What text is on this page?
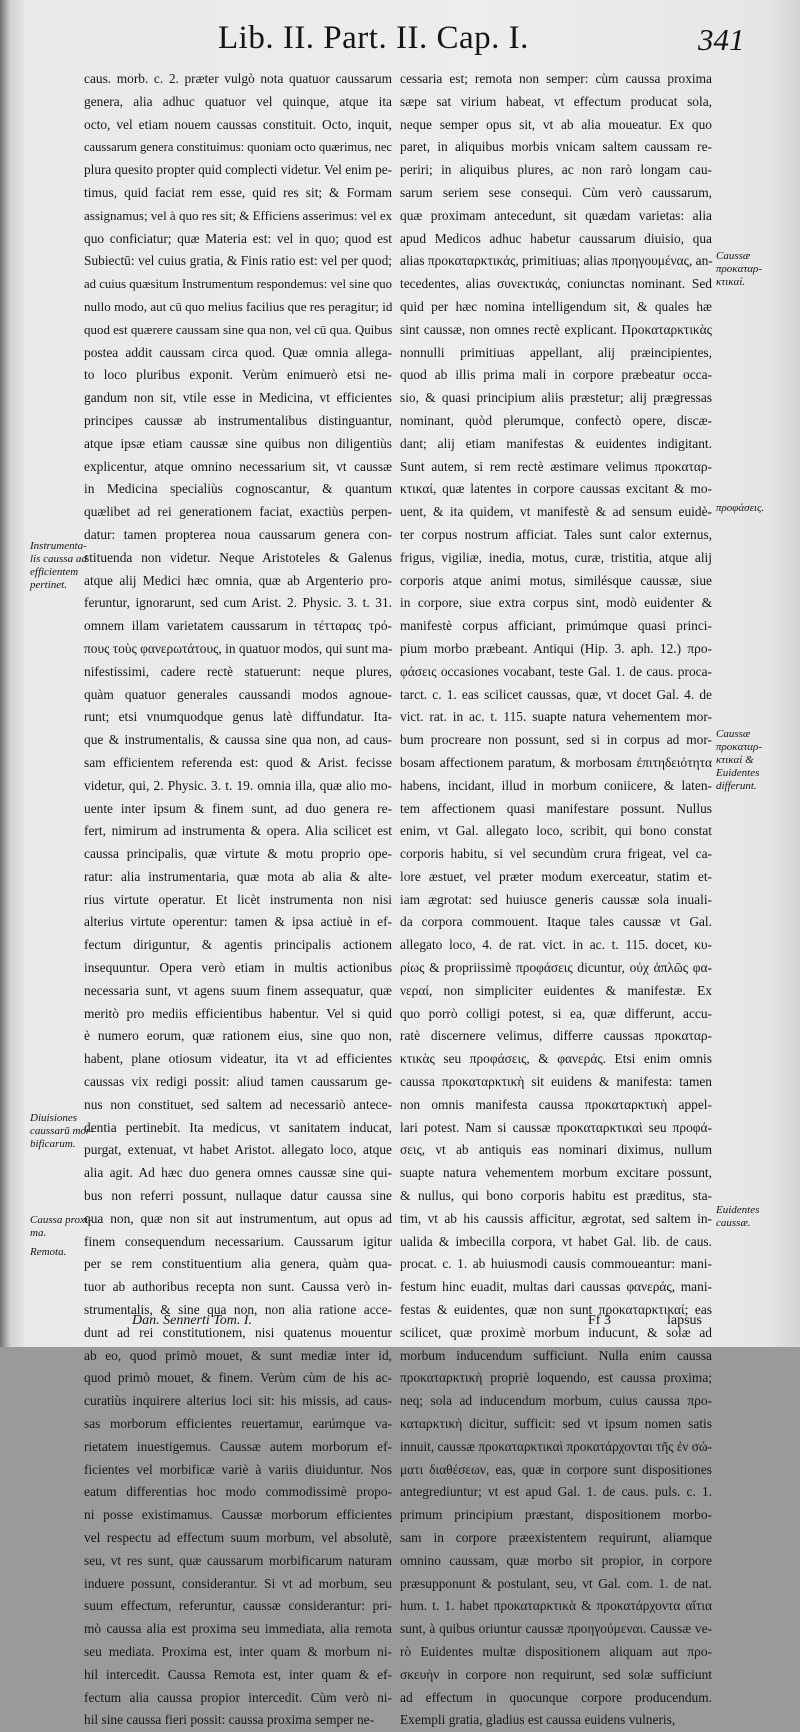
Lib. II. Part. II. Cap. I.	341
caus. morb. c. 2. præter vulgò nota quatuor caussarum
genera, alia adhuc quatuor vel quinque, atque ita
octo, vel etiam nouem caussas constituit. Octo, inquit,
caussarum genera constituimus: quoniam octo quærimus, nec
plura quesito propter quid complecti videtur. Vel enim pe-
timus, quid faciat rem esse, quid res sit; & Formam
assignamus; vel à quo res sit; & Efficiens asserimus: vel ex
quo conficiatur; quæ Materia est: vel in quo; quod est
Subiectū: vel cuius gratia, & Finis ratio est: vel per quod;
ad cuius quæsitum Instrumentum respondemus: vel sine quo
nullo modo, aut cū quo melius facilius que res peragitur; id
quod est quærere caussam sine qua non, vel cū qua. Quibus
postea addit caussam circa quod. Quæ omnia allega-
to loco pluribus exponit. Verùm enimuerò etsi ne-
gandum non sit, vtile esse in Medicina, vt efficientes
principes caussæ ab instrumentalibus distinguantur,
atque ipsæ etiam caussæ sine quibus non diligentiùs
explicentur, atque omnino necessarium sit, vt caussæ
in Medicina specialiùs cognoscantur, & quantum
quælibet ad rei generationem faciat, exactiùs perpen-
datur: tamen propterea noua caussarum genera con-
stituenda non videtur. Neque Aristoteles & Galenus
atque alij Medici hæc omnia, quæ ab Argenterio pro-
feruntur, ignorarunt, sed cum Arist. 2. Physic. 3. t. 31.
omnem illam varietatem caussarum in τέτταρας τρό-
πους τοὺς φανερωτάτους, in quatuor modos, qui sunt ma-
nifestissimi, cadere rectè statuerunt: neque plures,
quàm quatuor generales caussandi modos agnoue-
runt; etsi vnumquodque genus latè diffundatur. Ita-
que & instrumentalis, & caussa sine qua non, ad caus-
sam efficientem referenda est: quod & Arist. fecisse
videtur, qui, 2. Physic. 3. t. 19. omnia illa, quæ alio mo-
uente inter ipsum & finem sunt, ad duo genera re-
fert, nimirum ad instrumenta & opera. Alia scilicet est
caussa principalis, quæ virtute & motu proprio ope-
ratur: alia instrumentaria, quæ mota ab alia & alte-
rius virtute operatur. Et licèt instrumenta non nisi
alterius virtute operentur: tamen & ipsa actiuè in ef-
fectum diriguntur, & agentis principalis actionem
insequuntur. Opera verò etiam in multis actionibus
necessaria sunt, vt agens suum finem assequatur, quæ
meritò pro mediis efficientibus habentur. Vel si quid
è numero eorum, quæ rationem eius, sine quo non,
habent, plane otiosum videatur, ita vt ad efficientes
caussas vix redigi possit: aliud tamen caussarum ge-
nus non constituet, sed saltem ad necessariò antece-
dentia pertinebit. Ita medicus, vt sanitatem inducat,
purgat, extenuat, vt habet Aristot. allegato loco, atque
alia agit. Ad hæc duo genera omnes caussæ sine qui-
bus non referri possunt, nullaque datur caussa sine
qua non, quæ non sit aut instrumentum, aut opus ad
finem consequendum necessarium. Caussarum igitur
per se rem constituentium alia genera, quàm qua-
tuor ab authoribus recepta non sunt. Caussa verò in-
strumentalis, & sine qua non, non alia ratione acce-
dunt ad rei constitutionem, nisi quatenus mouentur
ab eo, quod primò mouet, & sunt mediæ inter id,
quod primò mouet, & finem. Verùm cùm de his ac-
curatiùs inquirere alterius loci sit: his missis, ad caus-
sas morborum efficientes reuertamur, earúmque va-
rietatem inuestigemus. Caussæ autem morborum ef-
ficientes vel morbificæ variè à variis diuiduntur. Nos
eatum differentias hoc modo commodissimè propo-
ni posse existimamus. Caussæ morborum efficientes
vel respectu ad effectum suum morbum, vel absolutè,
seu, vt res sunt, quæ caussarum morbificarum naturam
induere possunt, considerantur. Si vt ad morbum, seu
suum effectum, referuntur, caussæ considerantur: pri-
mò caussa alia est proxima seu immediata, alia remota
seu mediata. Proxima est, inter quam & morbum ni-
hil intercedit. Caussa Remota est, inter quam & ef-
fectum alia caussa propior intercedit. Cùm verò ni-
hil sine caussa fieri possit: caussa proxima semper ne-
cessaria est; remota non semper: cùm caussa proxima
sæpe sat virium habeat, vt effectum producat sola,
neque semper opus sit, vt ab alia moueatur. Ex quo
paret, in aliquibus morbis vnicam saltem caussam re-
periri; in aliquibus plures, ac non rarò longam cau-
sarum seriem sese consequi. Cùm verò caussarum,
quæ proximam antecedunt, sit quædam varietas: alia
apud Medicos adhuc habetur caussarum diuisio, qua
alias προκαταρκτικάς, primitiuas; alias προηγουμένας, an-
tecedentes, alias συνεκτικάς, coniunctas nominant. Sed
quid per hæc nomina intelligendum sit, & quales hæ
sint caussæ, non omnes rectè explicant. Προκαταρκτικὰς
nonnulli primitiuas appellant, alij præincipientes,
quod ab illis prima mali in corpore præbeatur occa-
sio, & quasi principium aliis præstetur; alij prægressas
nominant, quòd plerumque, confectò opere, discæ-
dant; alij etiam manifestas & euidentes indigitant.
Sunt autem, si rem rectè æstimare velimus προκαταρ-
κτικαί, quæ latentes in corpore caussas excitant & mo-
uent, & ita quidem, vt manifestè & ad sensum euidè-
ter corpus nostrum afficiat. Tales sunt calor externus,
frigus, vigiliæ, inedia, motus, curæ, tristitia, atque alij
corporis atque animi motus, similésque caussæ, siue
in corpore, siue extra corpus sint, modò euidenter &
manifestè corpus afficiant, primúmque quasi princi-
pium morbo præbeant. Antiqui (Hip. 3. aph. 12.) προ-
φάσεις occasiones vocabant, teste Gal. 1. de caus. proca-
tarct. c. 1. eas scilicet caussas, quæ, vt docet Gal. 4. de
vict. rat. in ac. t. 115. suapte natura vehementem mor-
bum procreare non possunt, sed si in corpus ad mor-
bosam affectionem paratum, & morbosam ἐπιτηδειότητα
habens, incidant, illud in morbum coniicere, & laten-
tem affectionem quasi manifestare possunt. Nullus
enim, vt Gal. allegato loco, scribit, qui bono constat
corporis habitu, si vel secundùm crura frigeat, vel ca-
lore æstuet, vel præter modum exerceatur, statim et-
iam ægrotat: sed huiusce generis caussæ sola inuali-
da corpora commouent. Itaque tales caussæ vt Gal.
allegato loco, 4. de rat. vict. in ac. t. 115. docet, κυ-
ρίως & propriissimè προφάσεις dicuntur, οὐχ ἁπλῶς φα-
νεραί, non simpliciter euidentes & manifestæ. Ex
quo porrò colligi potest, si ea, quæ differunt, accu-
ratè discernere velimus, differre caussas προκαταρ-
κτικὰς seu προφάσεις, & φανεράς. Etsi enim omnis
caussa προκαταρκτικὴ sit euidens & manifesta: tamen
non omnis manifesta caussa προκαταρκτικὴ appel-
lari potest. Nam si caussæ προκαταρκτικαὶ seu προφά-
σεις, vt ab antiquis eas nominari diximus, nullum
suapte natura vehementem morbum excitare possunt,
& nullus, qui bono corporis habitu est præditus, sta-
tim, vt ab his caussis afficitur, ægrotat, sed saltem in-
ualida & imbecilla corpora, vt habet Gal. lib. de caus.
procat. c. 1. ab huiusmodi causis commoueantur: mani-
festum hinc euadit, multas dari caussas φανεράς, mani-
festas & euidentes, quæ non sunt προκαταρκτικαί; eas
scilicet, quæ proximè morbum inducunt, & solæ ad
morbum inducendum sufficiunt. Nulla enim caussa
προκαταρκτικὴ propriè loquendo, est caussa proxima;
neq; sola ad inducendum morbum, cuius caussa προ-
καταρκτικὴ dicitur, sufficit: sed vt ipsum nomen satis
innuit, caussæ προκαταρκτικαὶ προκατάρχονται τῆς ἐν σώ-
ματι διαθέσεων, eas, quæ in corpore sunt dispositiones
antegrediuntur; vt est apud Gal. 1. de caus. puls. c. 1.
primum principium præstant, dispositionem morbo-
sam in corpore præexistentem requirunt, aliamque
omnino caussam, quæ morbo sit propior, in corpore
præsupponunt & postulant, seu, vt Gal. com. 1. de nat.
hum. t. 1. habet προκαταρκτικὰ & προκατάρχοντα αἴτια
sunt, à quibus oriuntur caussæ προηγούμεναι. Caussæ ve-
rò Euidentes multæ dispositionem aliquam aut προ-
σκευὴν in corpore non requirunt, sed solæ sufficiunt
ad effectum in quocunque corpore producendum.
Exempli gratia, gladius est caussa euidens vulneris,
Instrumenta-
lis caussa ad
efficientem
pertinet.
Diuisiones
caussarū mor-
bificarum.
Caussa proxi-
ma.
Remota.
Caussæ
προκαταρ-
κτικαί.
προφάσεις.
Caussæ
προκαταρ-
κτικαὶ &
Euidentes
differunt.
Euidentes
caussæ.
Dan. Sennerti Tom. I.	Ff 3	lapsus
